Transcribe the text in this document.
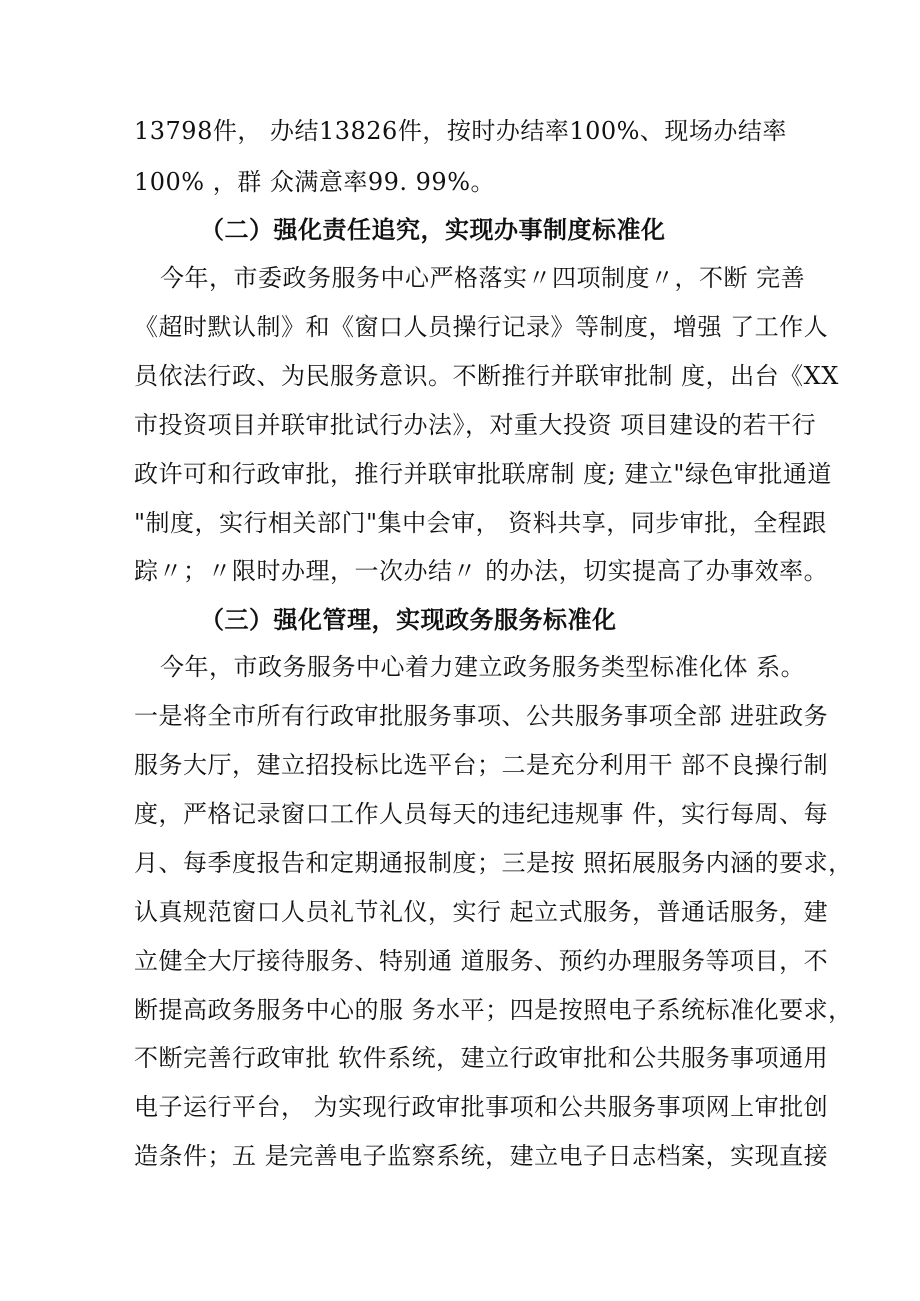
13798件， 办结13826件，按时办结率100%、现场办结率
100% ，群 众满意率99. 99%。
（二）强化责任追究，实现办事制度标准化
今年，市委政务服务中心严格落实〃四项制度〃，不断 完善
《超时默认制》和《窗口人员操行记录》等制度，增强 了工作人
员依法行政、为民服务意识。不断推行并联审批制 度，出台《XX
市投资项目并联审批试行办法》，对重大投资 项目建设的若干行
政许可和行政审批，推行并联审批联席制 度; 建立"绿色审批通道
"制度，实行相关部门"集中会审， 资料共享，同步审批，全程跟
踪〃；〃限时办理，一次办结〃 的办法，切实提高了办事效率。
（三）强化管理，实现政务服务标准化
今年，市政务服务中心着力建立政务服务类型标准化体 系。
一是将全市所有行政审批服务事项、公共服务事项全部 进驻政务
服务大厅，建立招投标比选平台；二是充分利用干 部不良操行制
度，严格记录窗口工作人员每天的违纪违规事 件，实行每周、每
月、每季度报告和定期通报制度；三是按 照拓展服务内涵的要求，
认真规范窗口人员礼节礼仪，实行 起立式服务，普通话服务，建
立健全大厅接待服务、特别通 道服务、预约办理服务等项目，不
断提高政务服务中心的服 务水平；四是按照电子系统标准化要求，
不断完善行政审批 软件系统，建立行政审批和公共服务事项通用
电子运行平台， 为实现行政审批事项和公共服务事项网上审批创
造条件；五 是完善电子监察系统，建立电子日志档案，实现直接
